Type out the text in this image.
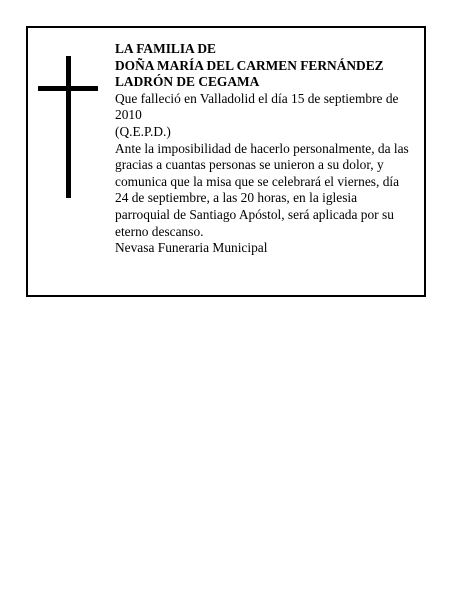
LA FAMILIA DE

DOÑA MARÍA DEL CARMEN FERNÁNDEZ

LADRÓN DE CEGAMA

Que falleció en Valladolid el día 15 de septiembre de 2010

(Q.E.P.D.)

Ante la imposibilidad de hacerlo personalmente, da las gracias a cuantas personas se unieron a su dolor, y comunica que la misa que se celebrará el viernes, día 24 de septiembre, a las 20 horas, en la iglesia parroquial de Santiago Apóstol, será aplicada por su eterno descanso.

Nevasa Funeraria Municipal
